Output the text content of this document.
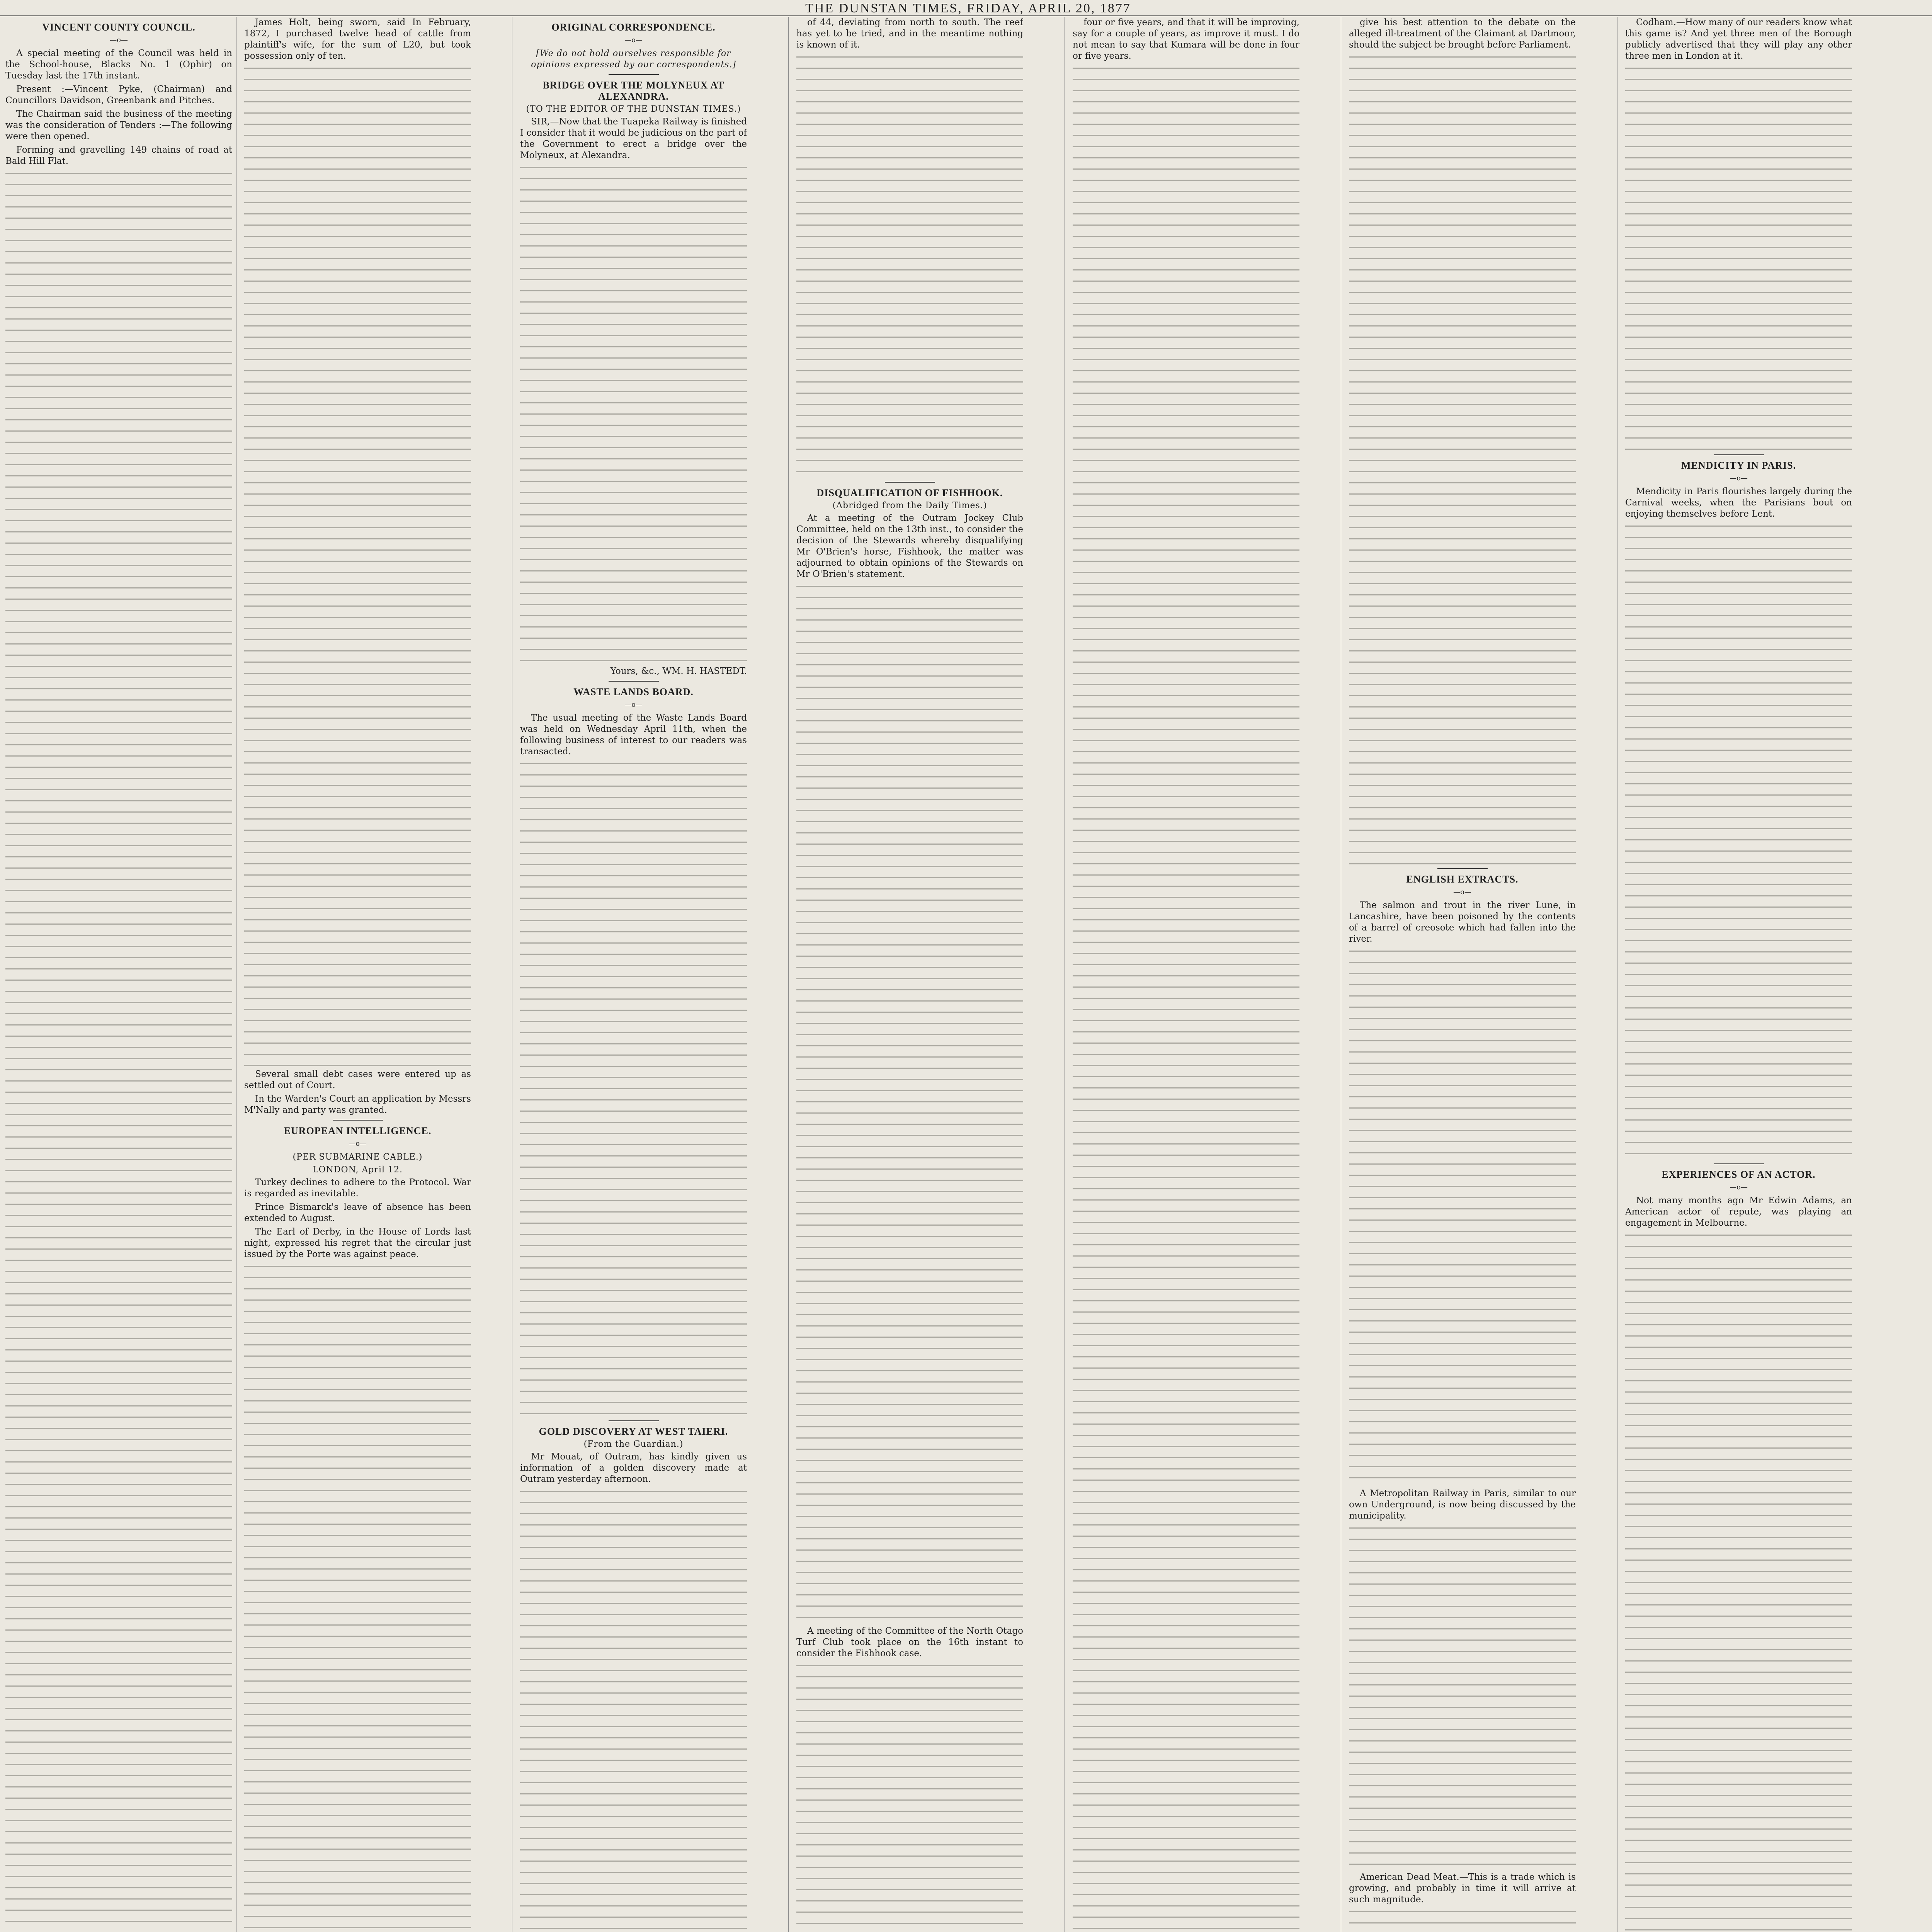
THE DUNSTAN TIMES, FRIDAY, APRIL 20, 1877
VINCENT COUNTY COUNCIL.
—o—

A special meeting of the Council was held in the School-house, Blacks No. 1 (Ophir) on Tuesday last the 17th instant.

Present :—Vincent Pyke, (Chairman) and Councillors Davidson, Greenbank and Pitches.

The Chairman said the business of the meeting was the consideration of Tenders :—The following were then opened.

Forming and gravelling 149 chains of road at Bald Hill Flat.

James Holt, being sworn, said In February, 1872, I purchased twelve head of cattle from plaintiff's wife, for the sum of L20, but took possession only of ten.

Several small debt cases were entered up as settled out of Court.

In the Warden's Court an application by Messrs M'Nally and party was granted.

EUROPEAN INTELLIGENCE.
—o—
(PER SUBMARINE CABLE.)
LONDON, April 12.

Turkey declines to adhere to the Protocol. War is regarded as inevitable.

Prince Bismarck's leave of absence has been extended to August.

The Earl of Derby, in the House of Lords last night, expressed his regret that the circular just issued by the Porte was against peace.

ORIGINAL CORRESPONDENCE.
—o—
[We do not hold ourselves responsible for opinions expressed by our correspondents.]
BRIDGE OVER THE MOLYNEUX AT ALEXANDRA.
(TO THE EDITOR OF THE DUNSTAN TIMES.)

SIR,—Now that the Tuapeka Railway is finished I consider that it would be judicious on the part of the Government to erect a bridge over the Molyneux, at Alexandra.

Yours, &c., WM. H. HASTEDT.

WASTE LANDS BOARD.
—o—

The usual meeting of the Waste Lands Board was held on Wednesday April 11th, when the following business of interest to our readers was transacted.

GOLD DISCOVERY AT WEST TAIERI.
(From the Guardian.)

Mr Mouat, of Outram, has kindly given us information of a golden discovery made at Outram yesterday afternoon.

of 44, deviating from north to south. The reef has yet to be tried, and in the meantime nothing is known of it.

DISQUALIFICATION OF FISHHOOK.
(Abridged from the Daily Times.)

At a meeting of the Outram Jockey Club Committee, held on the 13th inst., to consider the decision of the Stewards whereby disqualifying Mr O'Brien's horse, Fishhook, the matter was adjourned to obtain opinions of the Stewards on Mr O'Brien's statement.

A meeting of the Committee of the North Otago Turf Club took place on the 16th instant to consider the Fishhook case.

four or five years, and that it will be improving, say for a couple of years, as improve it must. I do not mean to say that Kumara will be done in four or five years.

give his best attention to the debate on the alleged ill-treatment of the Claimant at Dartmoor, should the subject be brought before Parliament.

ENGLISH EXTRACTS.
—o—

The salmon and trout in the river Lune, in Lancashire, have been poisoned by the contents of a barrel of creosote which had fallen into the river.

A Metropolitan Railway in Paris, similar to our own Underground, is now being discussed by the municipality.

American Dead Meat.—This is a trade which is growing, and probably in time it will arrive at such magnitude.

Codham.—How many of our readers know what this game is? And yet three men of the Borough publicly advertised that they will play any other three men in London at it.

MENDICITY IN PARIS.
—o—

Mendicity in Paris flourishes largely during the Carnival weeks, when the Parisians bout on enjoying themselves before Lent.

EXPERIENCES OF AN ACTOR.
—o—

Not many months ago Mr Edwin Adams, an American actor of repute, was playing an engagement in Melbourne.
